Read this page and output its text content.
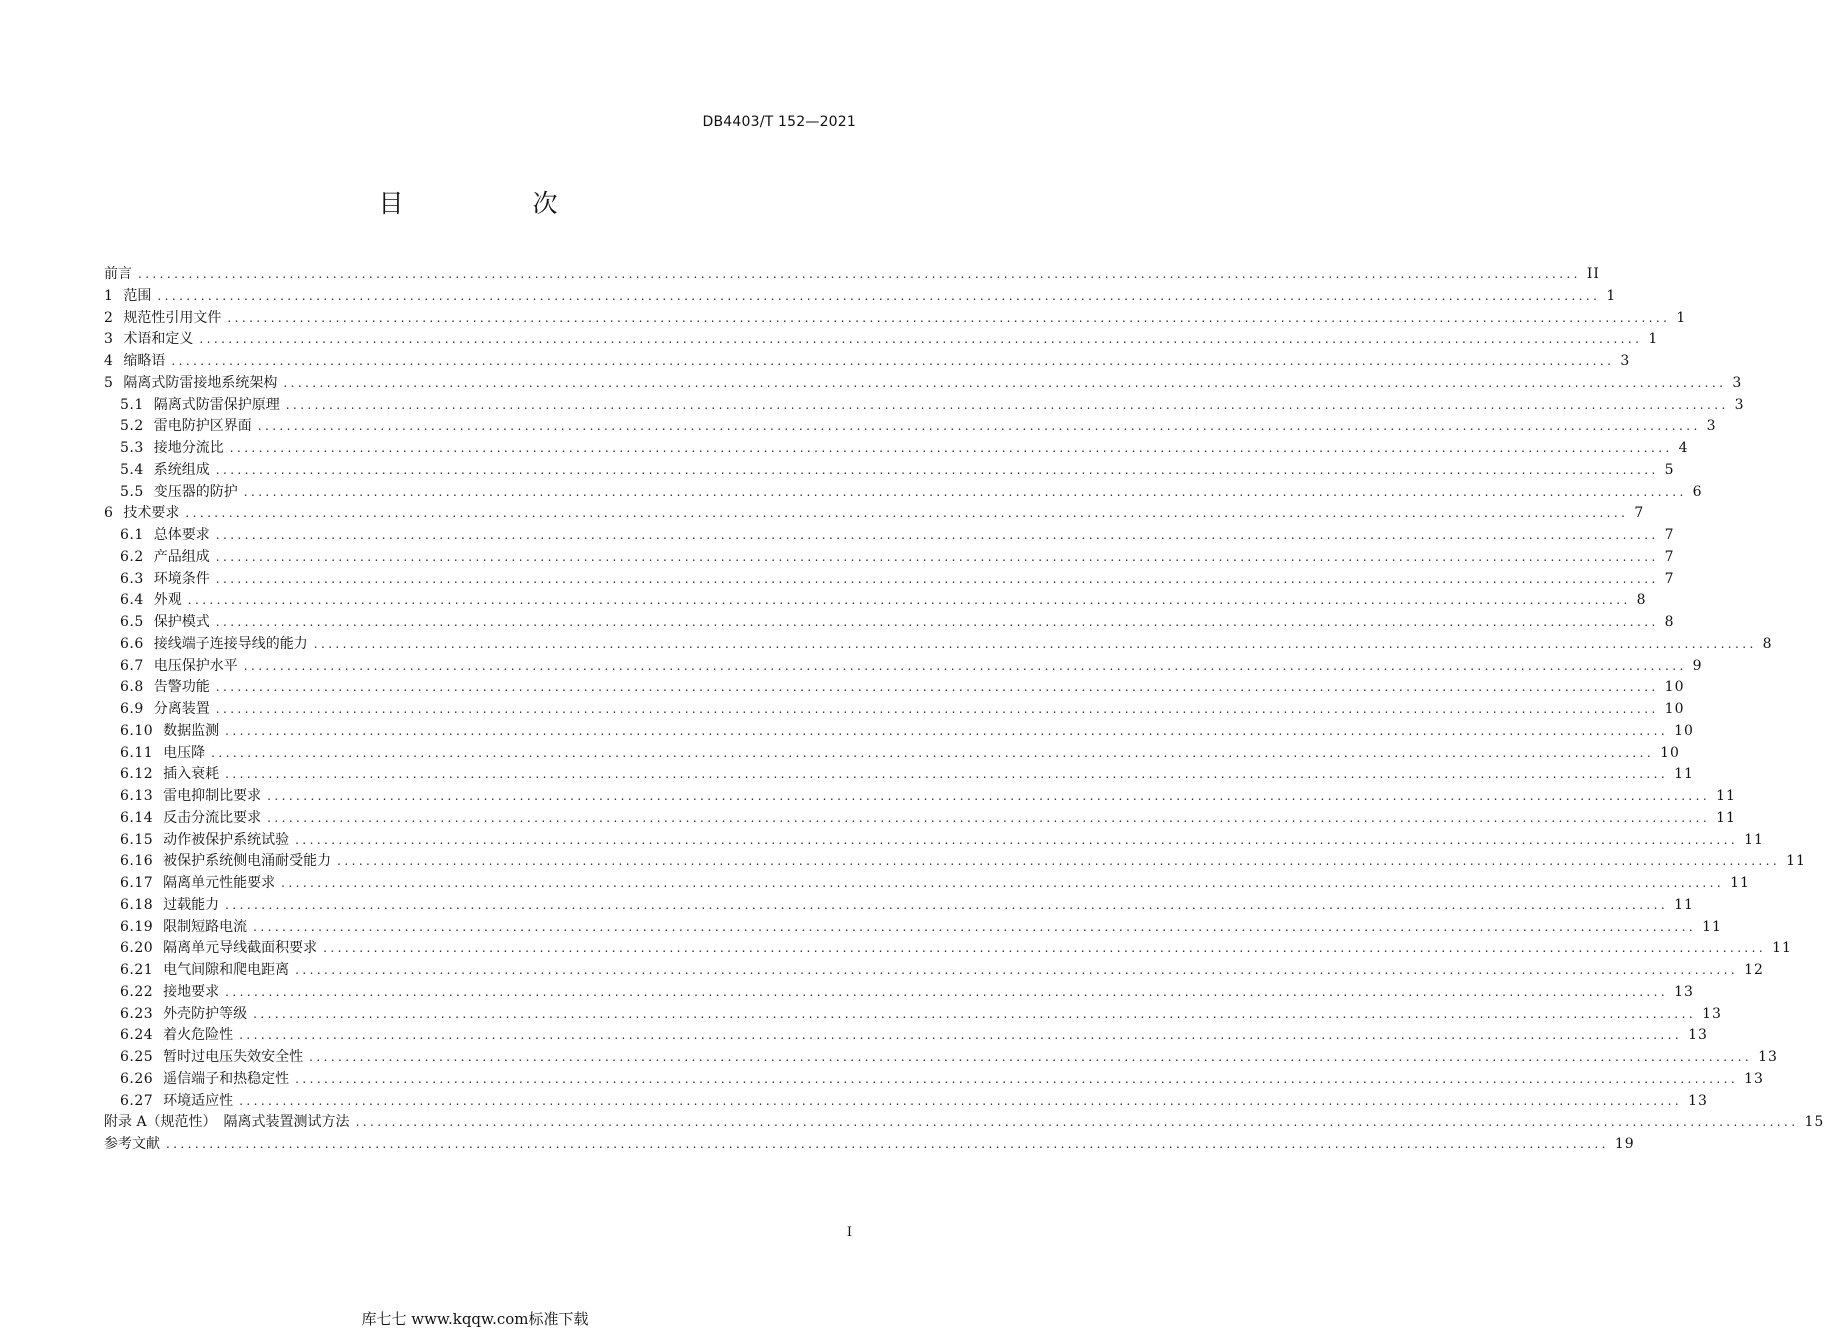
DB4403/T 152—2021
目　次
前言 ........................................................................................................................................................................................................ II
1 范围 ........................................................................................................................................................................................................ 1
2 规范性引用文件 ........................................................................................................................................................................................................ 1
3 术语和定义 ........................................................................................................................................................................................................ 1
4 缩略语 ........................................................................................................................................................................................................ 3
5 隔离式防雷接地系统架构 ........................................................................................................................................................................................................ 3
5.1 隔离式防雷保护原理 ........................................................................................................................................................................................................ 3
5.2 雷电防护区界面 ........................................................................................................................................................................................................ 3
5.3 接地分流比 ........................................................................................................................................................................................................ 4
5.4 系统组成 ........................................................................................................................................................................................................ 5
5.5 变压器的防护 ........................................................................................................................................................................................................ 6
6 技术要求 ........................................................................................................................................................................................................ 7
6.1 总体要求 ........................................................................................................................................................................................................ 7
6.2 产品组成 ........................................................................................................................................................................................................ 7
6.3 环境条件 ........................................................................................................................................................................................................ 7
6.4 外观 ........................................................................................................................................................................................................ 8
6.5 保护模式 ........................................................................................................................................................................................................ 8
6.6 接线端子连接导线的能力 ........................................................................................................................................................................................................ 8
6.7 电压保护水平 ........................................................................................................................................................................................................ 9
6.8 告警功能 ........................................................................................................................................................................................................ 10
6.9 分离装置 ........................................................................................................................................................................................................ 10
6.10 数据监测 ........................................................................................................................................................................................................ 10
6.11 电压降 ........................................................................................................................................................................................................ 10
6.12 插入衰耗 ........................................................................................................................................................................................................ 11
6.13 雷电抑制比要求 ........................................................................................................................................................................................................ 11
6.14 反击分流比要求 ........................................................................................................................................................................................................ 11
6.15 动作被保护系统试验 ........................................................................................................................................................................................................ 11
6.16 被保护系统侧电涌耐受能力 ........................................................................................................................................................................................................ 11
6.17 隔离单元性能要求 ........................................................................................................................................................................................................ 11
6.18 过载能力 ........................................................................................................................................................................................................ 11
6.19 限制短路电流 ........................................................................................................................................................................................................ 11
6.20 隔离单元导线截面积要求 ........................................................................................................................................................................................................ 11
6.21 电气间隙和爬电距离 ........................................................................................................................................................................................................ 12
6.22 接地要求 ........................................................................................................................................................................................................ 13
6.23 外壳防护等级 ........................................................................................................................................................................................................ 13
6.24 着火危险性 ........................................................................................................................................................................................................ 13
6.25 暂时过电压失效安全性 ........................................................................................................................................................................................................ 13
6.26 遥信端子和热稳定性 ........................................................................................................................................................................................................ 13
6.27 环境适应性 ........................................................................................................................................................................................................ 13
附录 A（规范性）　隔离式装置测试方法 ........................................................................................................................................................................................................ 15
参考文献 ........................................................................................................................................................................................................ 19
I
库七七 www.kqqw.com标准下载
